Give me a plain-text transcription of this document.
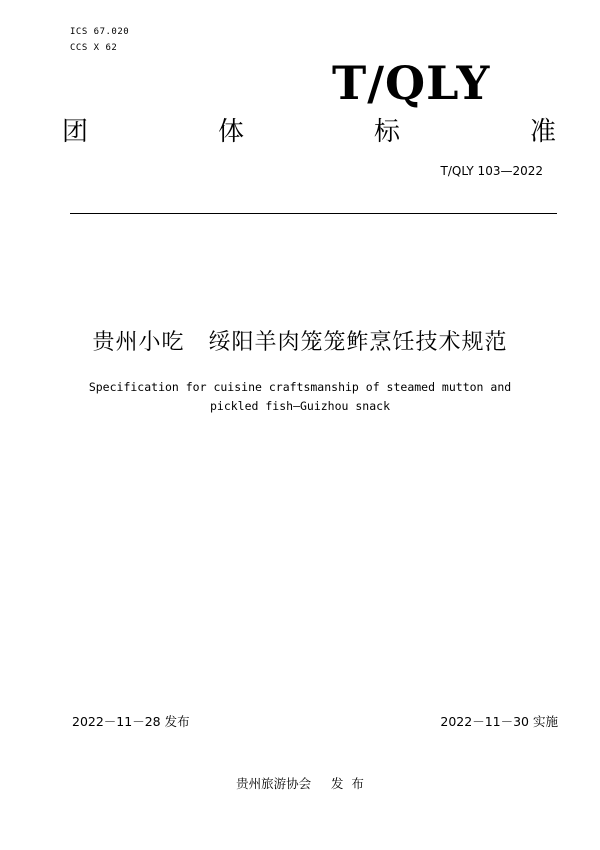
ICS 67.020
CCS X 62
T/QLY
团	体	标	准
T/QLY 103—2022
贵州小吃   绥阳羊肉笼笼鲊烹饪技术规范
Specification for cuisine craftsmanship of steamed mutton and
pickled fish—Guizhou snack
2022－11－28 发布	2022－11－30 实施
贵州旅游协会     发  布
